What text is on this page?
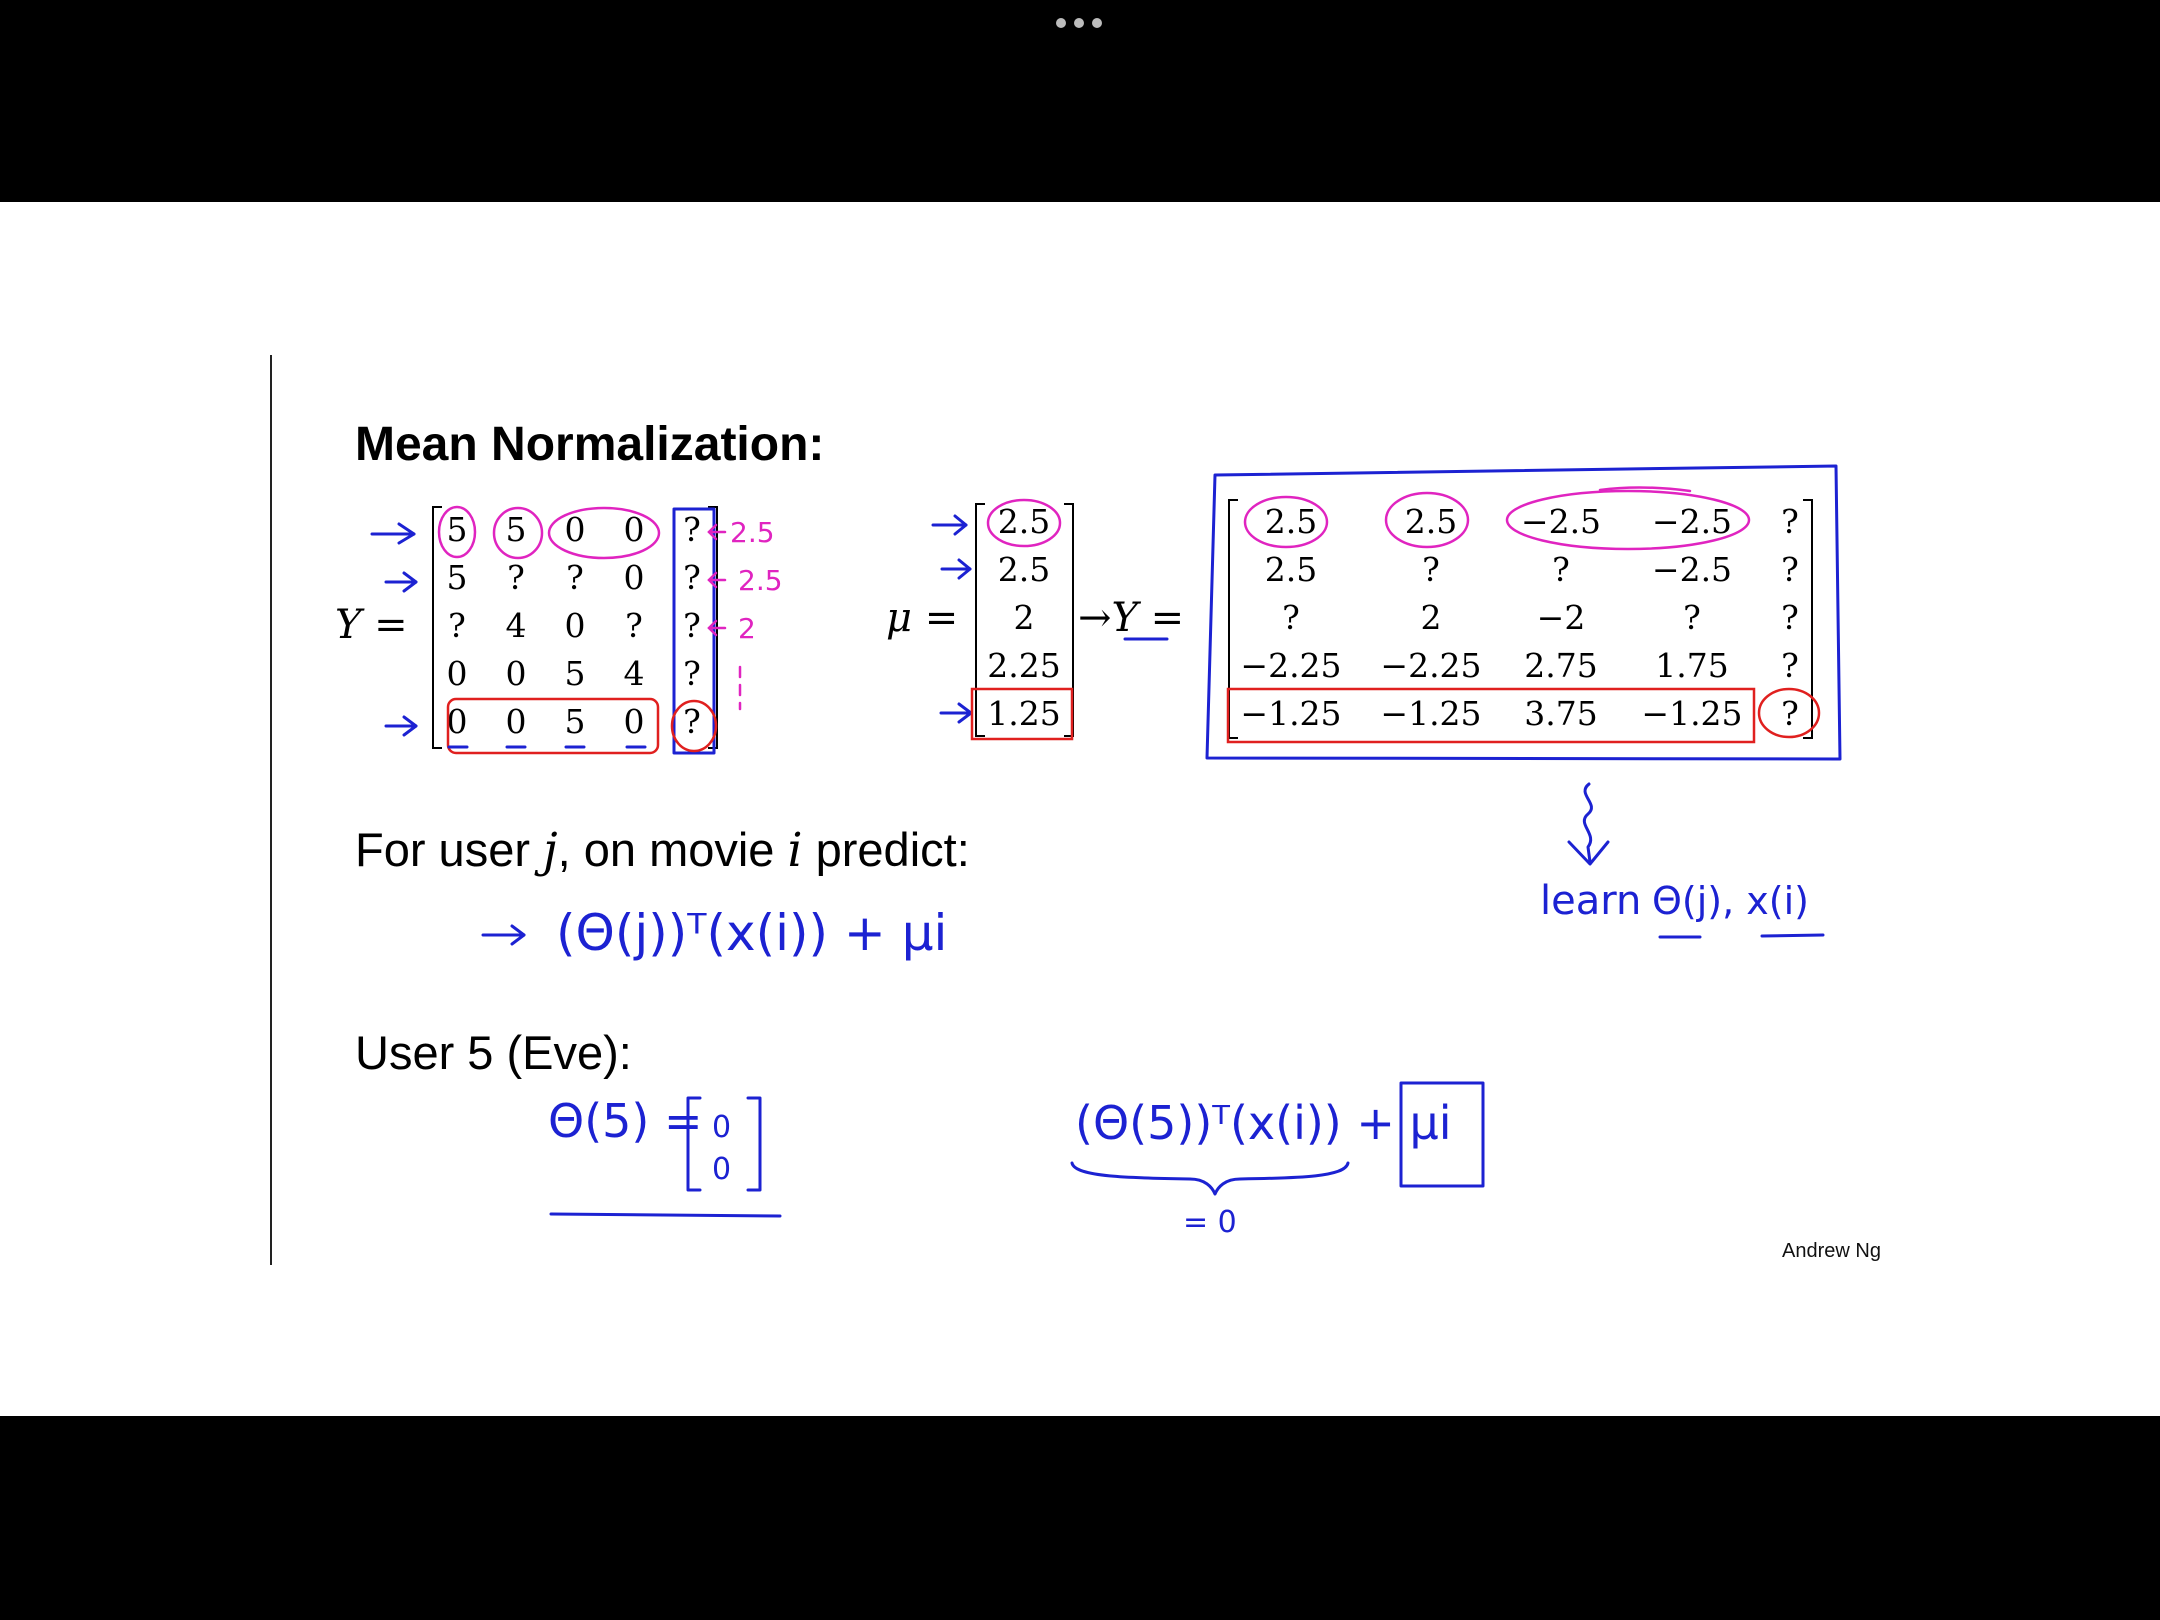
Mean Normalization:
Y =
5	5	0	0	?
5	?	?	0	?
?	4	0	?	?
0	0	5	4	?
0	0	5	0	?
μ =
2.5
2.5
2
2.25
1.25
→Y =
2.5	2.5	−2.5	−2.5	?
2.5	?	?	−2.5	?
?	2	−2	?	?
−2.25	−2.25	2.75	1.75	?
−1.25	−1.25	3.75	−1.25	?
For user j, on movie i predict:
User 5 (Eve):
Andrew Ng
learn Θ(j), x(i)
(Θ(j))ᵀ(x(i)) + μi
Θ(5) = 0
0
(Θ(5))ᵀ(x(i)) + μi
= 0
2.5
2.5
2
